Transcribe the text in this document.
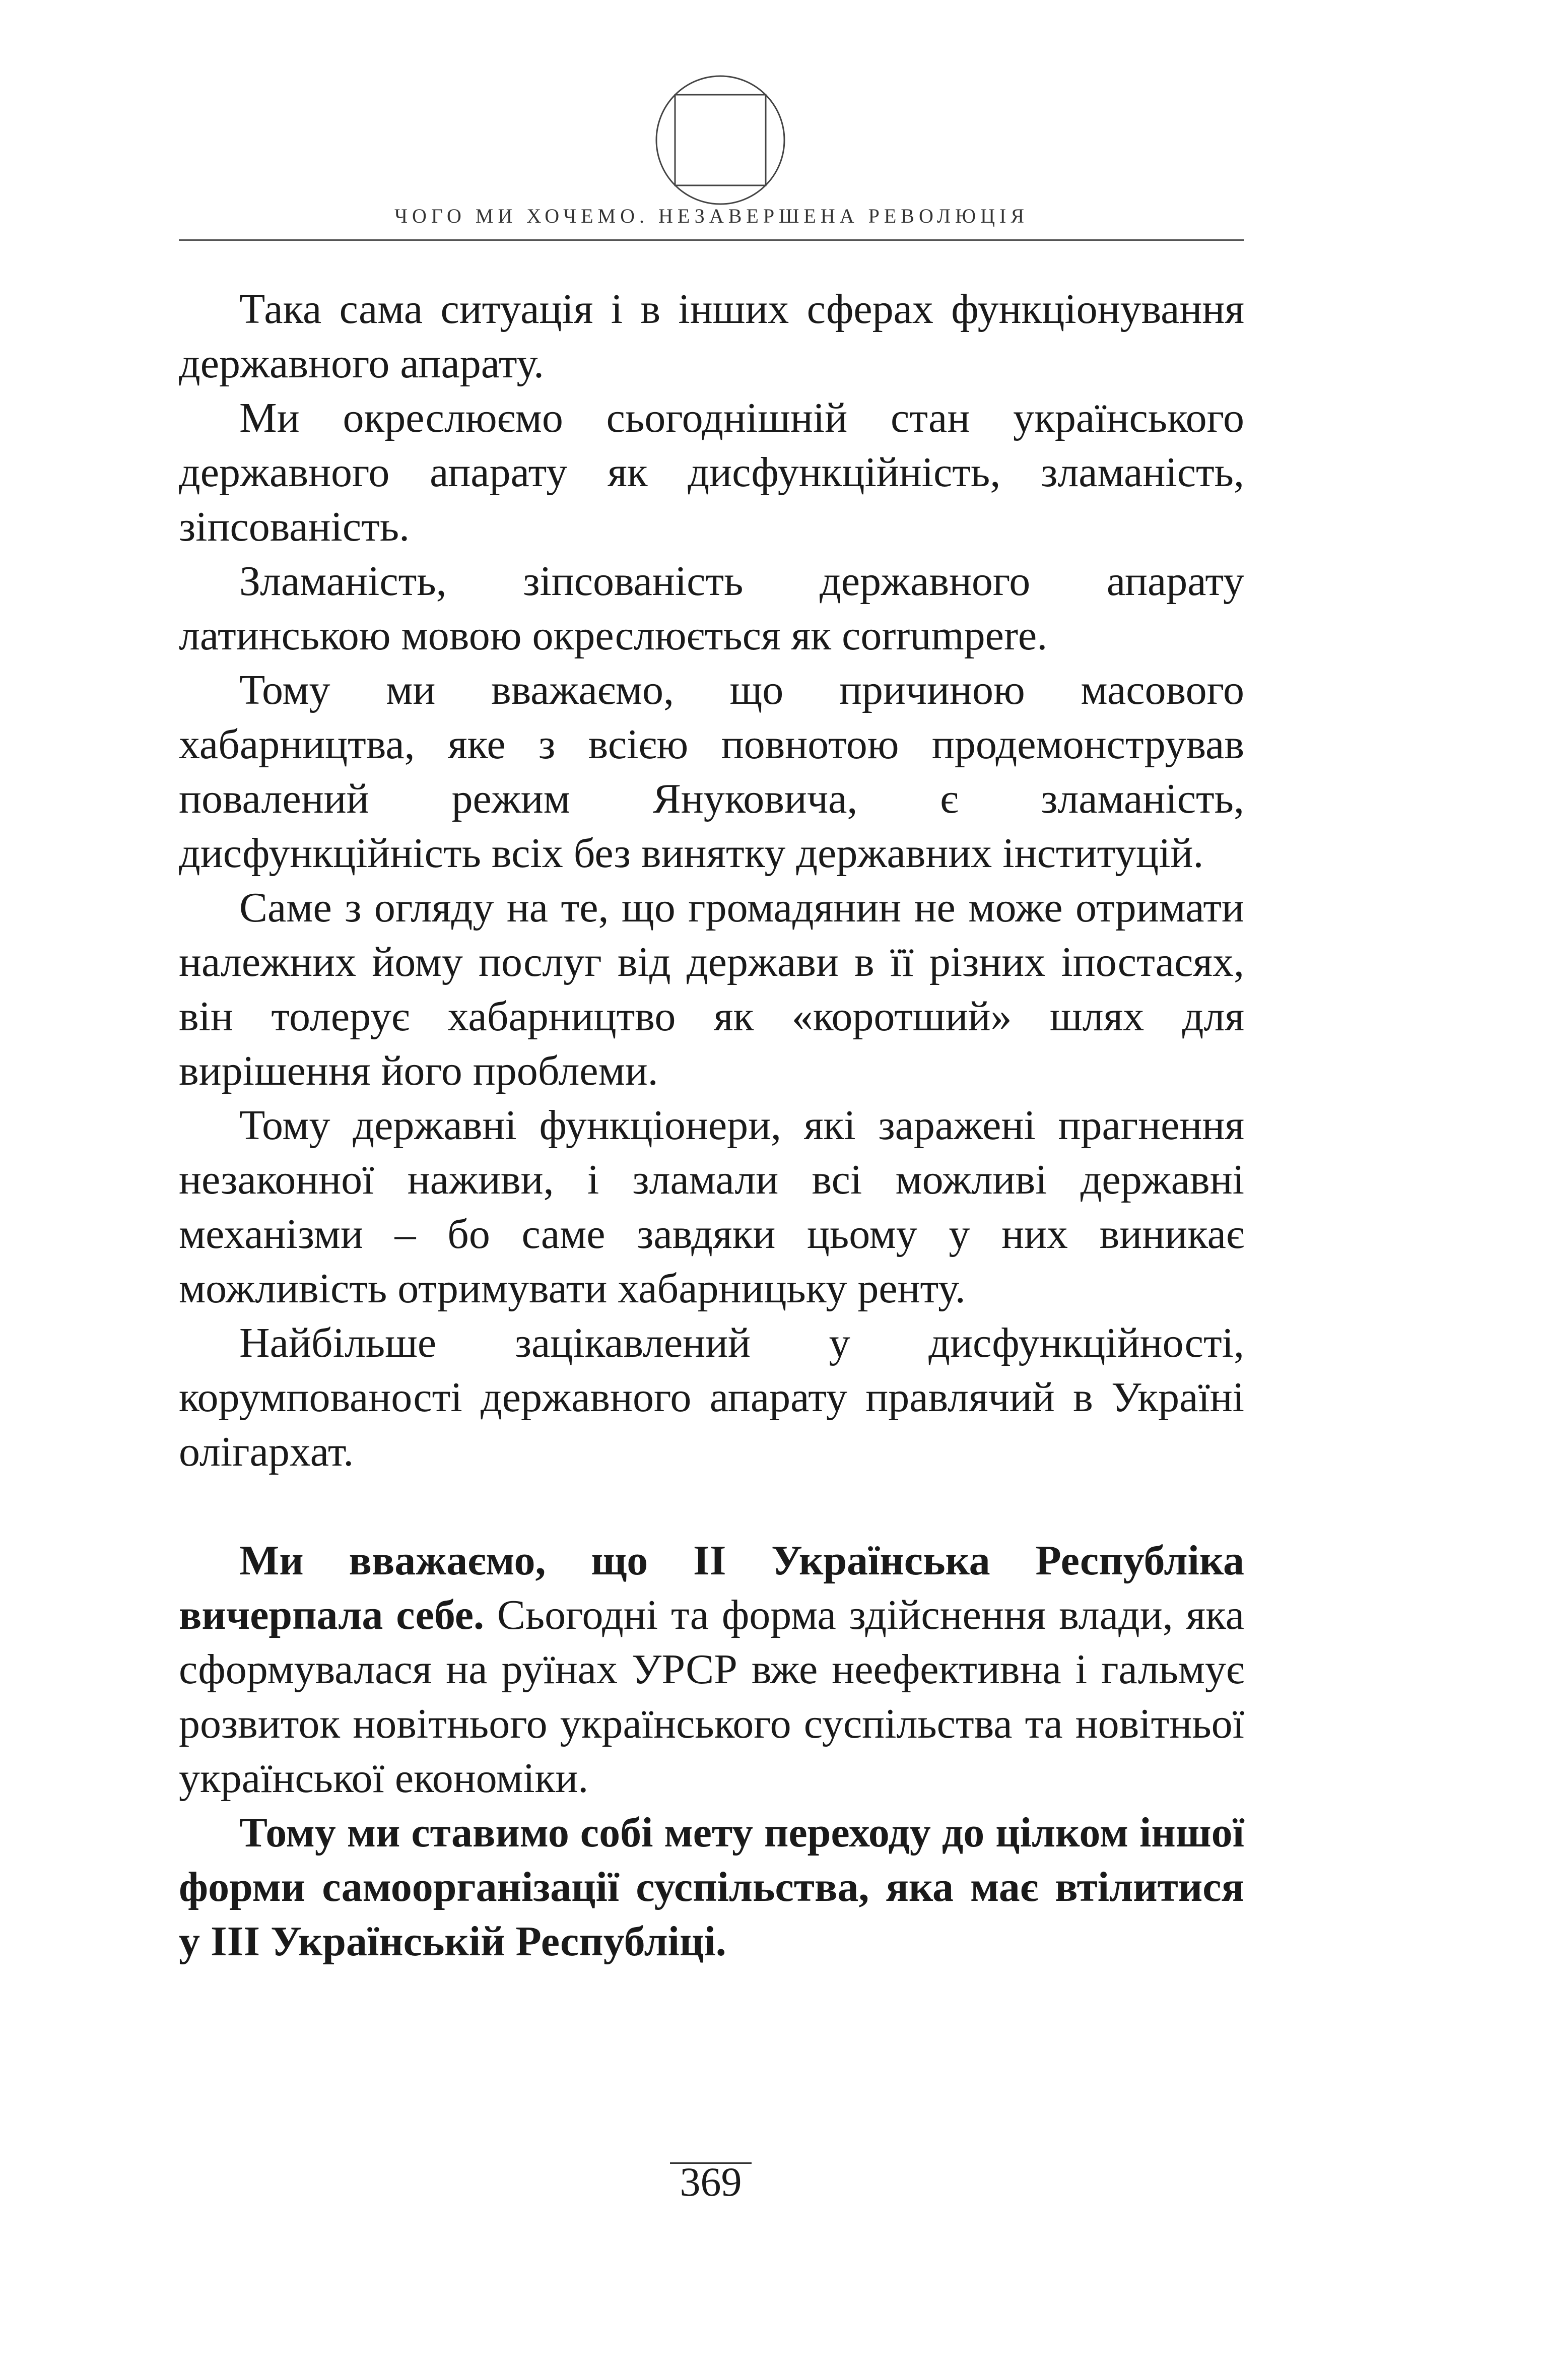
ЧОГО МИ ХОЧЕМО. НЕЗАВЕРШЕНА РЕВОЛЮЦІЯ

Така сама ситуація і в інших сферах функціонування державного апарату.

Ми окреслюємо сьогоднішній стан українського державного апарату як дисфункційність, зламаність, зіпсованість.

Зламаність, зіпсованість державного апарату латинською мовою окреслюється як corrumpere.

Тому ми вважаємо, що причиною масового хабарництва, яке з всією повнотою продемонстрував повалений режим Януковича, є зламаність, дисфункційність всіх без винятку державних інституцій.

Саме з огляду на те, що громадянин не може отримати належних йому послуг від держави в її різних іпостасях, він толерує хабарництво як «коротший» шлях для вирішення його проблеми.

Тому державні функціонери, які заражені прагнення незаконної наживи, і зламали всі можливі державні механізми – бо саме завдяки цьому у них виникає можливість отримувати хабарницьку ренту.

Найбільше зацікавлений у дисфункційності, корумпованості державного апарату правлячий в Україні олігархат.

Ми вважаємо, що ІІ Українська Республіка вичерпала себе. Сьогодні та форма здійснення влади, яка сформувалася на руїнах УРСР вже неефективна і гальмує розвиток новітнього українського суспільства та новітньої української економіки.

Тому ми ставимо собі мету переходу до цілком іншої форми самоорганізації суспільства, яка має втілитися у ІІІ Українській Республіці.

369
